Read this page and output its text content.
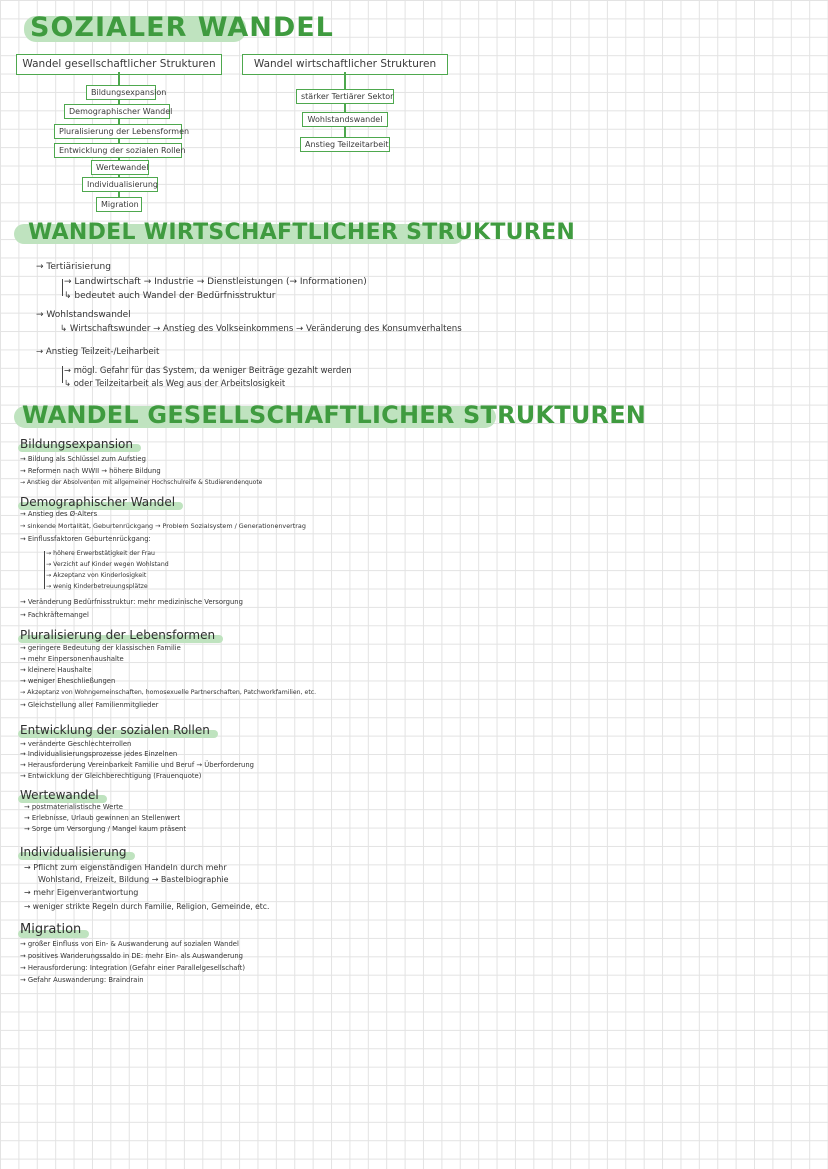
SOZIALER WANDEL
Wandel gesellschaftlicher Strukturen
Bildungsexpansion
Demographischer Wandel
Pluralisierung der Lebensformen
Entwicklung der sozialen Rollen
Wertewandel
Individualisierung
Migration
Wandel wirtschaftlicher Strukturen
stärker Tertiärer Sektor
Wohlstandswandel
Anstieg Teilzeitarbeit
WANDEL WIRTSCHAFTLICHER STRUKTUREN
→ Tertiärisierung
→ Landwirtschaft → Industrie → Dienstleistungen (→ Informationen)
↳ bedeutet auch Wandel der Bedürfnisstruktur
→ Wohlstandswandel
↳ Wirtschaftswunder → Anstieg des Volkseinkommens → Veränderung des Konsumverhaltens
→ Anstieg Teilzeit-/Leiharbeit
→ mögl. Gefahr für das System, da weniger Beiträge gezahlt werden
↳ oder Teilzeitarbeit als Weg aus der Arbeitslosigkeit
WANDEL GESELLSCHAFTLICHER STRUKTUREN
Bildungsexpansion
→ Bildung als Schlüssel zum Aufstieg
→ Reformen nach WWII → höhere Bildung
→ Anstieg der Absolventen mit allgemeiner Hochschulreife & Studierendenquote
Demographischer Wandel
→ Anstieg des Ø-Alters
→ sinkende Mortalität, Geburtenrückgang → Problem Sozialsystem / Generationenvertrag
→ Einflussfaktoren Geburtenrückgang:
→ höhere Erwerbstätigkeit der Frau
→ Verzicht auf Kinder wegen Wohlstand
→ Akzeptanz von Kinderlosigkeit
→ wenig Kinderbetreuungsplätze
→ Veränderung Bedürfnisstruktur: mehr medizinische Versorgung
→ Fachkräftemangel
Pluralisierung der Lebensformen
→ geringere Bedeutung der klassischen Familie
→ mehr Einpersonenhaushalte
→ kleinere Haushalte
→ weniger Eheschließungen
→ Akzeptanz von Wohngemeinschaften, homosexuelle Partnerschaften, Patchworkfamilien, etc.
→ Gleichstellung aller Familienmitglieder
Entwicklung der sozialen Rollen
→ veränderte Geschlechterrollen
→ Individualisierungsprozesse jedes Einzelnen
→ Herausforderung Vereinbarkeit Familie und Beruf → Überforderung
→ Entwicklung der Gleichberechtigung (Frauenquote)
Wertewandel
→ postmaterialistische Werte
→ Erlebnisse, Urlaub gewinnen an Stellenwert
→ Sorge um Versorgung / Mangel kaum präsent
Individualisierung
→ Pflicht zum eigenständigen Handeln durch mehr
Wohlstand, Freizeit, Bildung → Bastelbiographie
→ mehr Eigenverantwortung
→ weniger strikte Regeln durch Familie, Religion, Gemeinde, etc.
Migration
→ großer Einfluss von Ein- & Auswanderung auf sozialen Wandel
→ positives Wanderungssaldo in DE: mehr Ein- als Auswanderung
→ Herausforderung: Integration (Gefahr einer Parallelgesellschaft)
→ Gefahr Auswanderung: Braindrain
